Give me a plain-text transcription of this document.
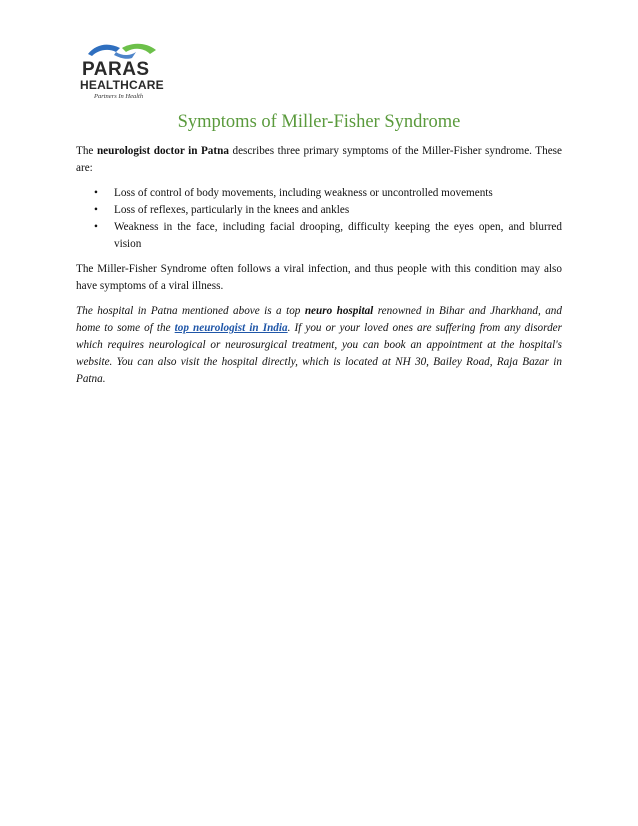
PARAS
HEALTHCARE
Partners In Health
Symptoms of Miller-Fisher Syndrome

The neurologist doctor in Patna describes three primary symptoms of the Miller-Fisher syndrome. These are:

• Loss of control of body movements, including weakness or uncontrolled movements
• Loss of reflexes, particularly in the knees and ankles
• Weakness in the face, including facial drooping, difficulty keeping the eyes open, and blurred vision

The Miller-Fisher Syndrome often follows a viral infection, and thus people with this condition may also have symptoms of a viral illness.

The hospital in Patna mentioned above is a top neuro hospital renowned in Bihar and Jharkhand, and home to some of the top neurologist in India. If you or your loved ones are suffering from any disorder which requires neurological or neurosurgical treatment, you can book an appointment at the hospital's website. You can also visit the hospital directly, which is located at NH 30, Bailey Road, Raja Bazar in Patna.
